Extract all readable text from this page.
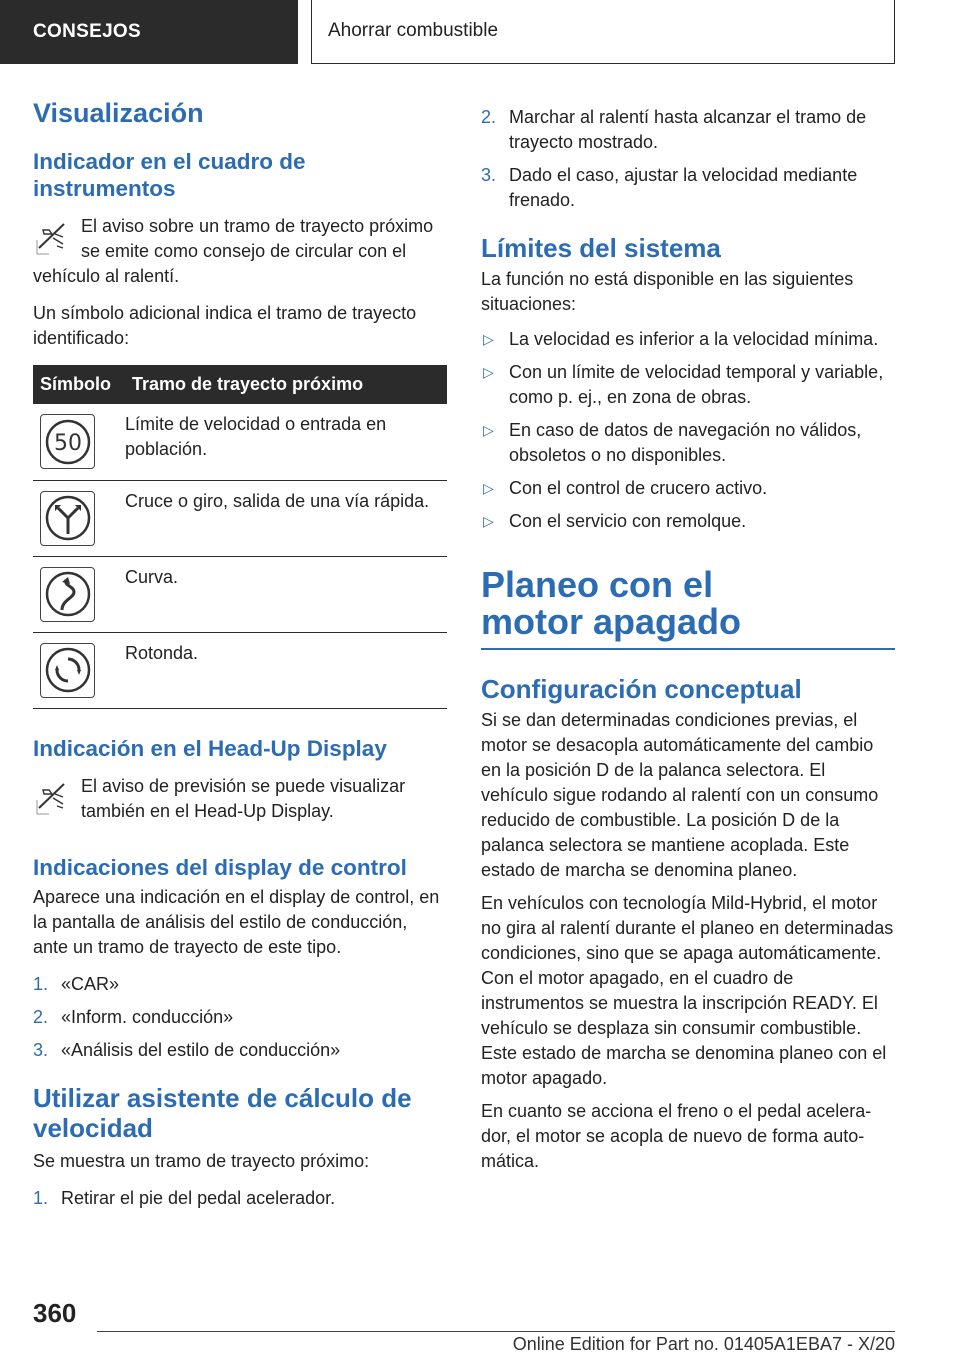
CONSEJOS	Ahorrar combustible
Visualización
Indicador en el cuadro de instrumentos
El aviso sobre un tramo de trayecto próximo se emite como consejo de circular con el vehículo al ralentí.

Un símbolo adicional indica el tramo de trayecto identificado:

Símbolo	Tramo de trayecto próximo

50	Límite de velocidad o entrada en población.

	Cruce o giro, salida de una vía rápida.

	Curva.

	Rotonda.
Indicación en el Head-Up Display
El aviso de previsión se puede visualizar también en el Head-Up Display.
Indicaciones del display de control

Aparece una indicación en el display de control, en la pantalla de análisis del estilo de conducción, ante un tramo de trayecto de este tipo.

1. «CAR»
2. «Inform. conducción»
3. «Análisis del estilo de conducción»
Utilizar asistente de cálculo de velocidad

Se muestra un tramo de trayecto próximo:

1. Retirar el pie del pedal acelerador.
2. Marchar al ralentí hasta alcanzar el tramo de trayecto mostrado.
3. Dado el caso, ajustar la velocidad mediante frenado.
Límites del sistema

La función no está disponible en las siguientes situaciones:

▷ La velocidad es inferior a la velocidad mínima.
▷ Con un límite de velocidad temporal y variable, como p. ej., en zona de obras.
▷ En caso de datos de navegación no válidos, obsoletos o no disponibles.
▷ Con el control de crucero activo.
▷ Con el servicio con remolque.
Planeo con el motor apagado
Configuración conceptual

Si se dan determinadas condiciones previas, el motor se desacopla automáticamente del cambio en la posición D de la palanca selectora. El vehículo sigue rodando al ralentí con un consumo reducido de combustible. La posición D de la palanca selectora se mantiene acoplada. Este estado de marcha se denomina planeo.

En vehículos con tecnología Mild-Hybrid, el motor no gira al ralentí durante el planeo en determinadas condiciones, sino que se apaga automáticamente. Con el motor apagado, en el cuadro de instrumentos se muestra la inscripción READY. El vehículo se desplaza sin consumir combustible. Este estado de marcha se denomina planeo con el motor apagado.

En cuanto se acciona el freno o el pedal acelerador, el motor se acopla de nuevo de forma automática.

360
Online Edition for Part no. 01405A1EBA7 - X/20
